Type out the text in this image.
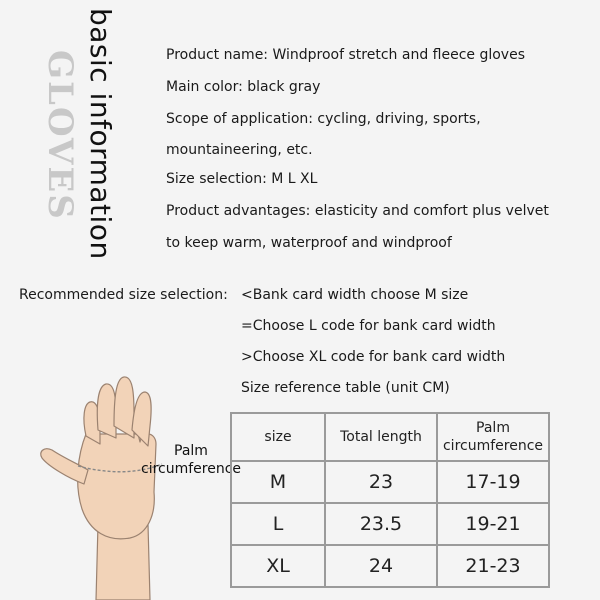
GLOVES basic information	Product name: Windproof stretch and fleece gloves
Main color: black gray
Scope of application: cycling, driving, sports,
mountaineering, etc.
Size selection: M L XL
Product advantages: elasticity and comfort plus velvet
to keep warm, waterproof and windproof
Recommended size selection: <Bank card width choose M size
=Choose L code for bank card width
>Choose XL code for bank card width
Size reference table (unit CM)
Palm
circumference
size	Total length	Palm
circumference

M	23	17-19
L	23.5	19-21
XL	24	21-23
